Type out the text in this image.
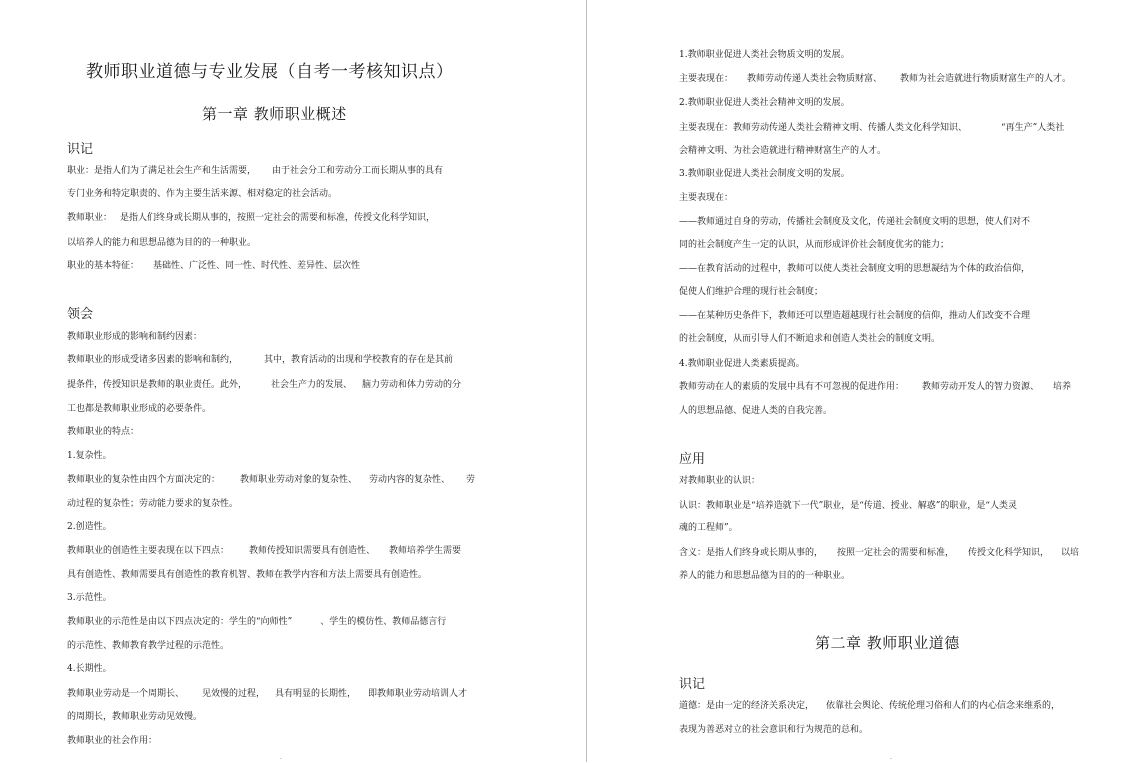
教师职业道德与专业发展（自考一考核知识点）
第一章 教师职业概述
识记
职业：是指人们为了满足社会生产和生活需要， 由于社会分工和劳动分工而长期从事的具有
专门业务和特定职责的、作为主要生活来源、相对稳定的社会活动。
教师职业： 是指人们终身或长期从事的，按照一定社会的需要和标准，传授文化科学知识，
以培养人的能力和思想品德为目的的一种职业。
职业的基本特征： 基础性、广泛性、同一性、时代性、差异性、层次性
领会
教师职业形成的影响和制约因素：
教师职业的形成受诸多因素的影响和制约，	其中，教育活动的出现和学校教育的存在是其前
提条件，传授知识是教师的职业责任。此外，	社会生产力的发展、 脑力劳动和体力劳动的分
工也都是教师职业形成的必要条件。
教师职业的特点：
1.复杂性。
教师职业的复杂性由四个方面决定的： 教师职业劳动对象的复杂性、 劳动内容的复杂性、 劳
动过程的复杂性；劳动能力要求的复杂性。
2.创造性。
教师职业的创造性主要表现在以下四点： 教师传授知识需要具有创造性、 教师培养学生需要
具有创造性、教师需要具有创造性的教育机智、教师在教学内容和方法上需要具有创造性。
3.示范性。
教师职业的示范性是由以下四点决定的：学生的“向师性”	、学生的模仿性、教师品德言行
的示范性、教师教育教学过程的示范性。
4.长期性。
教师职业劳动是一个周期长、 见效慢的过程， 具有明显的长期性， 即教师职业劳动培训人才
的周期长，教师职业劳动见效慢。
教师职业的社会作用：
·
1.教师职业促进人类社会物质文明的发展。
主要表现在： 教师劳动传递人类社会物质财富、 教师为社会造就进行物质财富生产的人才。
2.教师职业促进人类社会精神文明的发展。
主要表现在：教师劳动传递人类社会精神文明、传播人类文化科学知识、	“再生产”人类社
会精神文明、为社会造就进行精神财富生产的人才。
3.教师职业促进人类社会制度文明的发展。
主要表现在：
——教师通过自身的劳动，传播社会制度及文化，传递社会制度文明的思想，使人们对不
同的社会制度产生一定的认识，从而形成评价社会制度优劣的能力；
——在教育活动的过程中，教师可以使人类社会制度文明的思想凝结为个体的政治信仰，
促使人们维护合理的现行社会制度；
——在某种历史条件下，教师还可以塑造超越现行社会制度的信仰，推动人们改变不合理
的社会制度，从而引导人们不断追求和创造人类社会的制度文明。
4.教师职业促进人类素质提高。
教师劳动在人的素质的发展中具有不可忽视的促进作用： 教师劳动开发人的智力资源、 培养
人的思想品德、促进人类的自我完善。
应用
对教师职业的认识：
认识：教师职业是“培养造就下一代”职业，是“传道、授业、解惑”的职业，是“人类灵
魂的工程师”。
含义：是指人们终身或长期从事的， 按照一定社会的需要和标准， 传授文化科学知识， 以培
养人的能力和思想品德为目的的一种职业。
第二章 教师职业道德
识记
道德：是由一定的经济关系决定， 依靠社会舆论、传统伦理习俗和人们的内心信念来维系的，
表现为善恶对立的社会意识和行为规范的总和。
·
